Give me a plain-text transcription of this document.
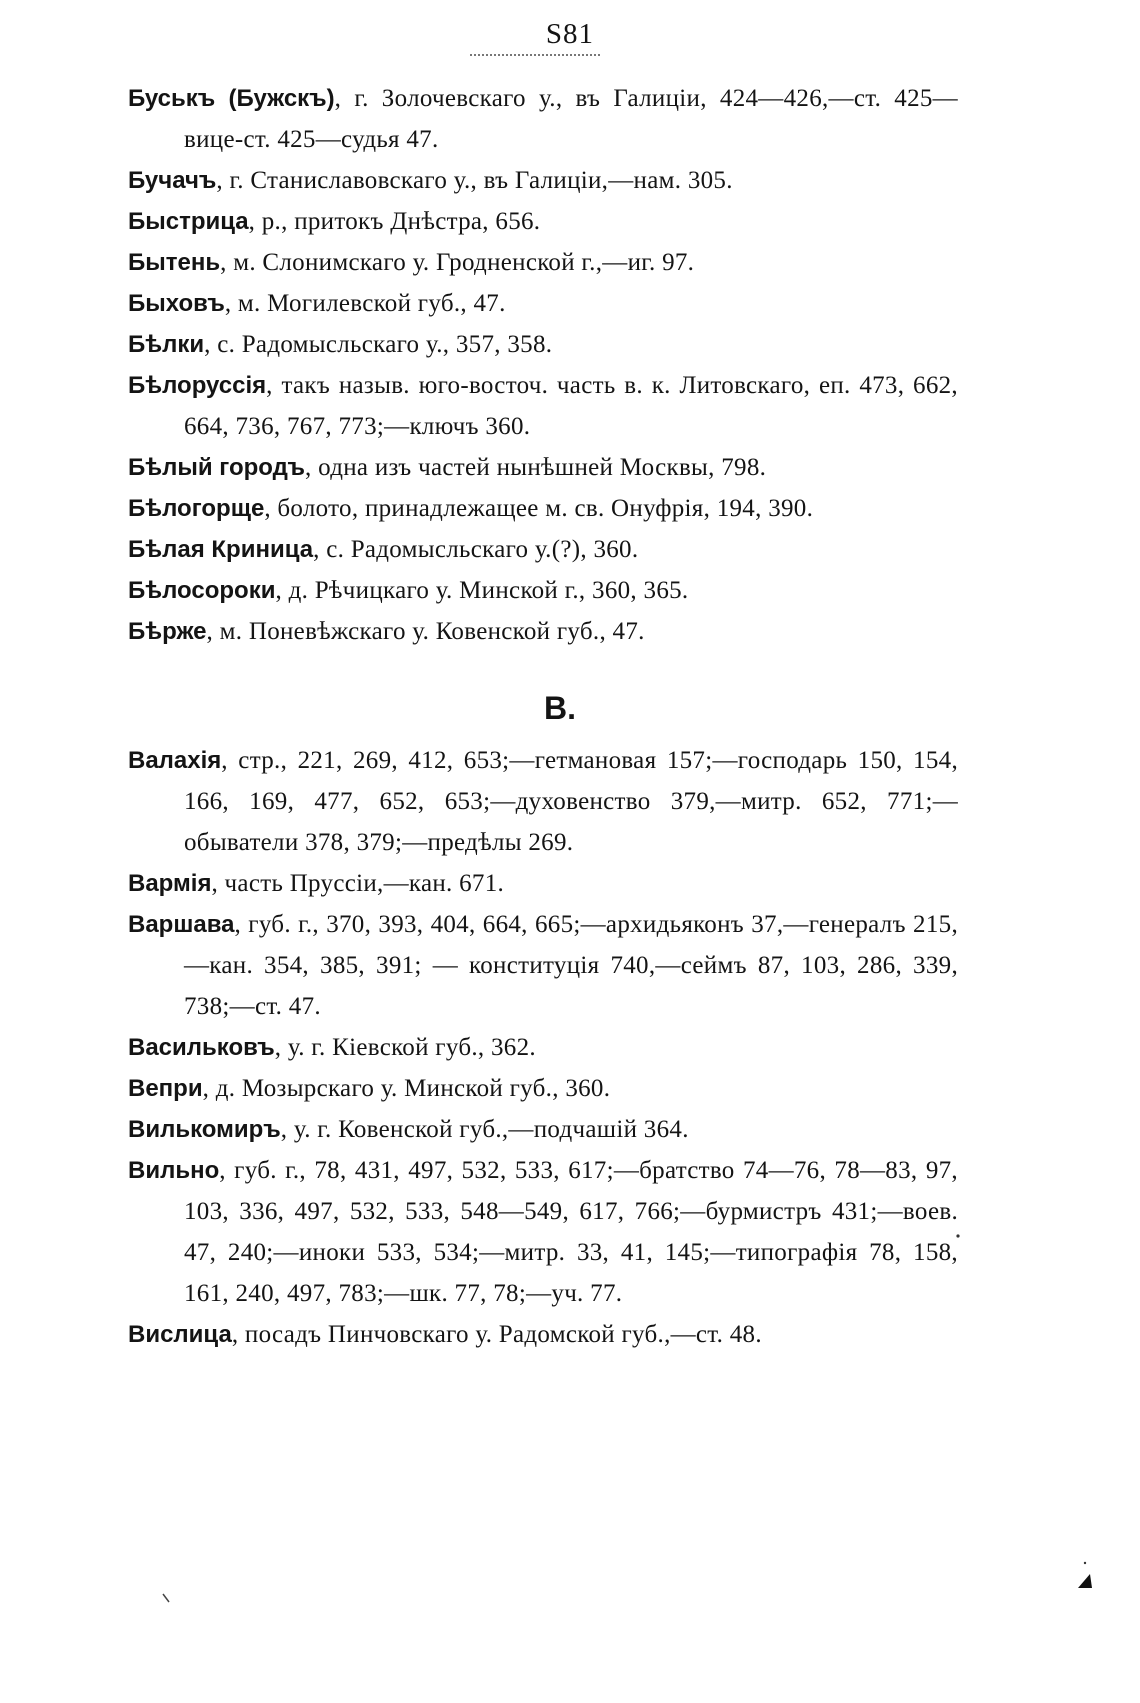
S81

Буськъ (Бужскъ), г. Золочевскаго у., въ Галиціи, 424—426,—ст. 425—вице-ст. 425—судья 47.

Бучачъ, г. Станиславовскаго у., въ Галиціи,—нам. 305.

Быстрица, р., притокъ Днѣстра, 656.

Бытень, м. Слонимскаго у. Гродненской г.,—иг. 97.

Быховъ, м. Могилевской губ., 47.

Бѣлки, с. Радомысльскаго у., 357, 358.

Бѣлоруссія, такъ назыв. юго-восточ. часть в. к. Литовскаго, еп. 473, 662, 664, 736, 767, 773;—ключъ 360.

Бѣлый городъ, одна изъ частей нынѣшней Москвы, 798.

Бѣлогорще, болото, принадлежащее м. св. Онуфрія, 194, 390.

Бѣлая Криница, с. Радомысльскаго у.(?), 360.

Бѣлосороки, д. Рѣчицкаго у. Минской г., 360, 365.

Бѣрже, м. Поневѣжскаго у. Ковенской губ., 47.

В.

Валахія, стр., 221, 269, 412, 653;—гетмановая 157;—господарь 150, 154, 166, 169, 477, 652, 653;—духовенство 379,—митр. 652, 771;—обыватели 378, 379;—предѣлы 269.

Вармія, часть Пруссіи,—кан. 671.

Варшава, губ. г., 370, 393, 404, 664, 665;—архидьяконъ 37,—генералъ 215,—кан. 354, 385, 391; — конституція 740,—сеймъ 87, 103, 286, 339, 738;—ст. 47.

Васильковъ, у. г. Кіевской губ., 362.

Вепри, д. Мозырскаго у. Минской губ., 360.

Вилькомиръ, у. г. Ковенской губ.,—подчашій 364.

Вильно, губ. г., 78, 431, 497, 532, 533, 617;—братство 74—76, 78—83, 97, 103, 336, 497, 532, 533, 548—549, 617, 766;—бурмистръ 431;—воев. 47, 240;—иноки 533, 534;—митр. 33, 41, 145;—типографія 78, 158, 161, 240, 497, 783;—шк. 77, 78;—уч. 77.

Вислица, посадъ Пинчовскаго у. Радомской губ.,—ст. 48.
